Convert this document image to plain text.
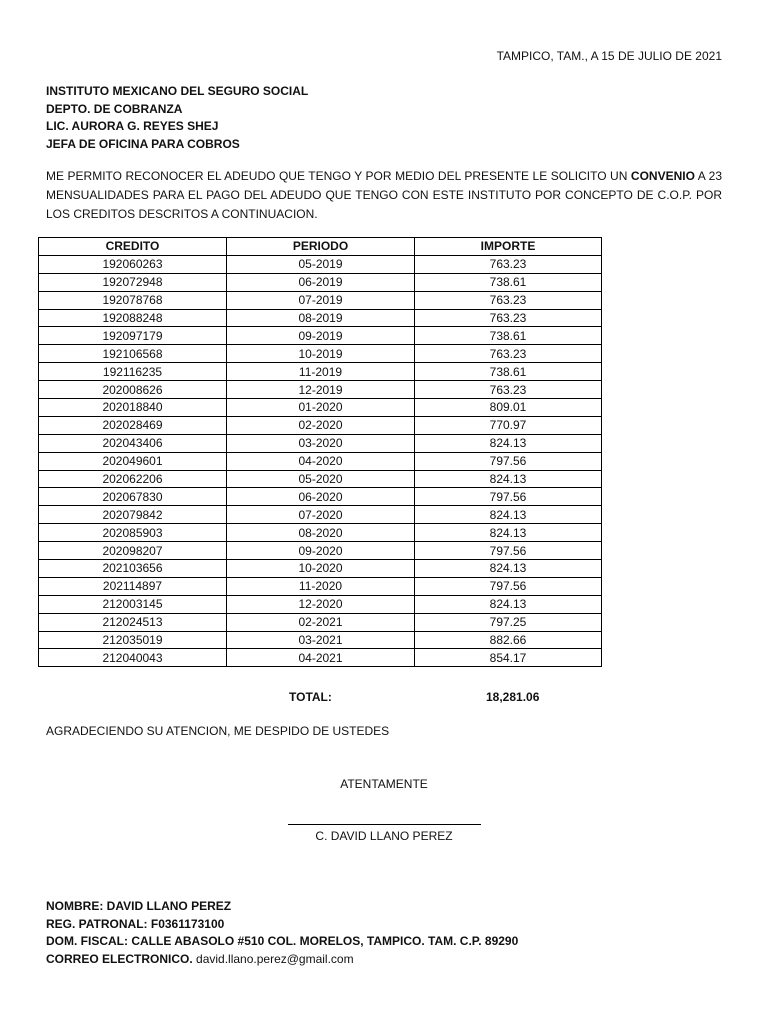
TAMPICO, TAM., A 15 DE JULIO DE 2021
INSTITUTO MEXICANO DEL SEGURO SOCIAL
DEPTO. DE COBRANZA
LIC. AURORA G. REYES SHEJ
JEFA DE OFICINA PARA COBROS
ME PERMITO RECONOCER EL ADEUDO QUE TENGO Y POR MEDIO DEL PRESENTE LE SOLICITO UN CONVENIO A 23 MENSUALIDADES PARA EL PAGO DEL ADEUDO QUE TENGO CON ESTE INSTITUTO POR CONCEPTO DE C.O.P. POR LOS CREDITOS DESCRITOS A CONTINUACION.
CREDITO	PERIODO	IMPORTE
192060263	05-2019	763.23
192072948	06-2019	738.61
192078768	07-2019	763.23
192088248	08-2019	763.23
192097179	09-2019	738.61
192106568	10-2019	763.23
192116235	11-2019	738.61
202008626	12-2019	763.23
202018840	01-2020	809.01
202028469	02-2020	770.97
202043406	03-2020	824.13
202049601	04-2020	797.56
202062206	05-2020	824.13
202067830	06-2020	797.56
202079842	07-2020	824.13
202085903	08-2020	824.13
202098207	09-2020	797.56
202103656	10-2020	824.13
202114897	11-2020	797.56
212003145	12-2020	824.13
212024513	02-2021	797.25
212035019	03-2021	882.66
212040043	04-2021	854.17
TOTAL:	18,281.06
AGRADECIENDO SU ATENCION, ME DESPIDO DE USTEDES
ATENTAMENTE
C. DAVID LLANO PEREZ
NOMBRE: DAVID LLANO PEREZ
REG. PATRONAL: F0361173100
DOM. FISCAL: CALLE ABASOLO #510 COL. MORELOS, TAMPICO. TAM. C.P. 89290
CORREO ELECTRONICO. david.llano.perez@gmail.com
